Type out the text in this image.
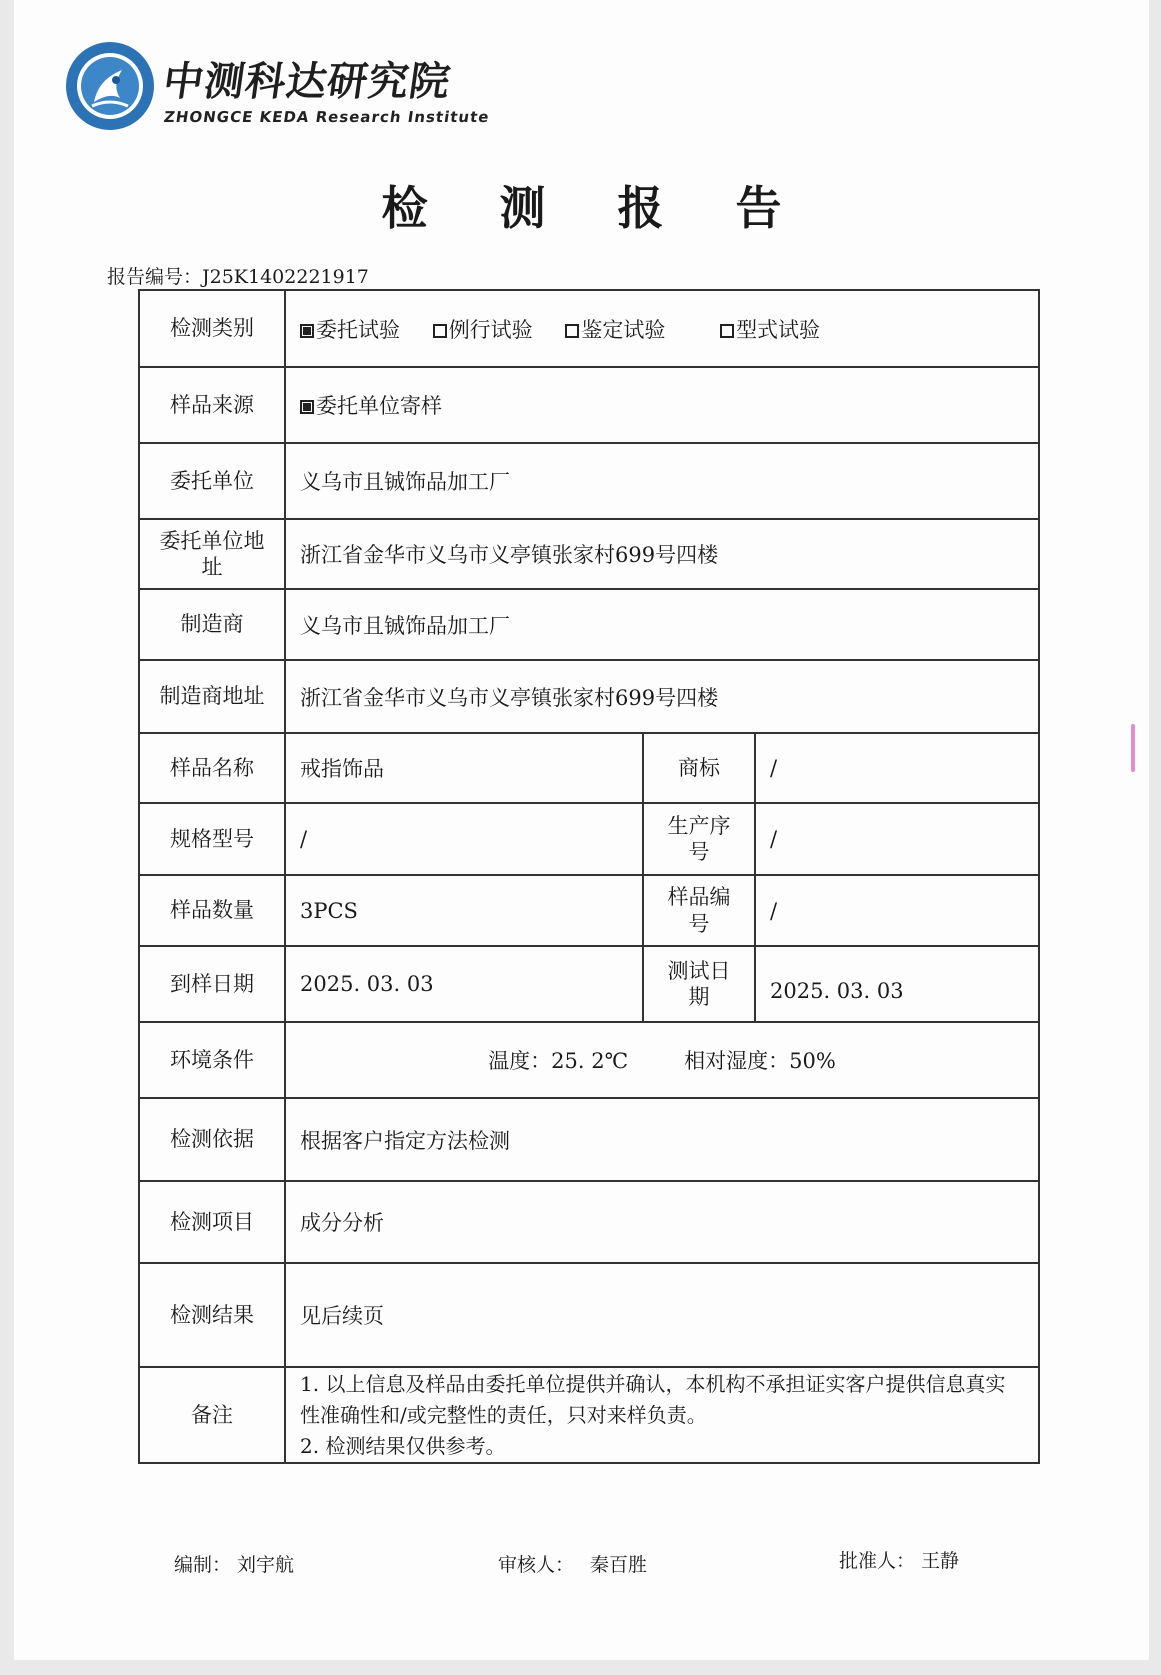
中测科达研究院
ZHONGCE KEDA Research Institute
检 测 报 告
报告编号：J25K1402221917
检测类别	委托试验 例行试验 鉴定试验 型式试验		
样品来源	委托单位寄样		
委托单位	义乌市且铖饰品加工厂		
委托单位地址	浙江省金华市义乌市义亭镇张家村699号四楼		
制造商	义乌市且铖饰品加工厂		
制造商地址	浙江省金华市义乌市义亭镇张家村699号四楼		
样品名称	戒指饰品	商标	/
规格型号	/	生产序号	/
样品数量	3PCS	样品编号	/
到样日期	2025. 03. 03	测试日期	2025. 03. 03
环境条件	温度：25. 2℃ 相对湿度：50%		
检测依据	根据客户指定方法检测		
检测项目	成分分析		
检测结果	见后续页		
备注	1. 以上信息及样品由委托单位提供并确认，本机构不承担证实客户提供信息真实性准确性和/或完整性的责任，只对来样负责。
2. 检测结果仅供参考。		
编制： 刘宇航	审核人： 秦百胜	批准人： 王静
